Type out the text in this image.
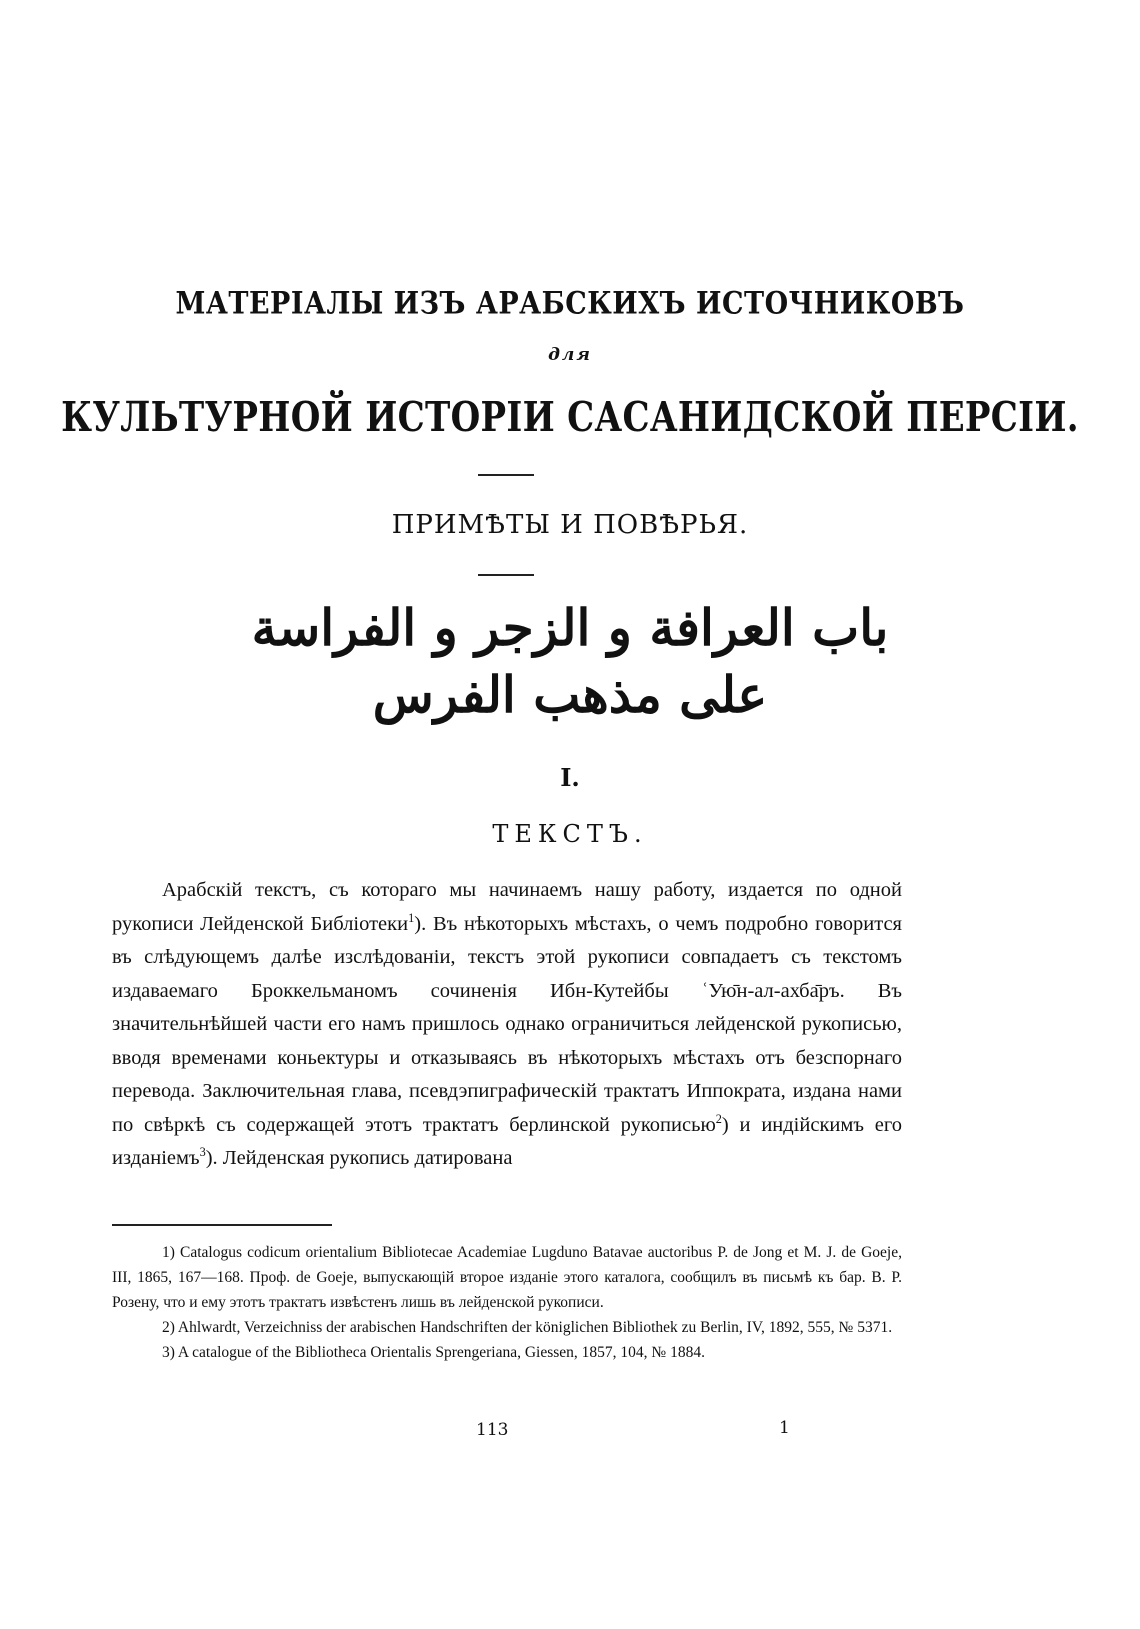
МАТЕРІАЛЫ ИЗЪ АРАБСКИХЪ ИСТОЧНИКОВЪ
для
КУЛЬТУРНОЙ ИСТОРІИ САСАНИДСКОЙ ПЕРСІИ.
ПРИМѢТЫ И ПОВѢРЬЯ.
باب العرافة و الزجر و الفراسة
على مذهب الفرس
I.
ТЕКСТЪ.

Арабскій текстъ, съ котораго мы начинаемъ нашу работу, издается по одной рукописи Лейденской Библіотеки$^1$). Въ нѣкоторыхъ мѣстахъ, о чемъ подробно говорится въ слѣдующемъ далѣе изслѣдованіи, текстъ этой рукописи совпадаетъ съ текстомъ издаваемаго Броккельманомъ сочиненія Ибн-Кутейбы ʿУю̄н-ал-ахба̄ръ. Въ значительнѣйшей части его намъ пришлось однако ограничиться лейденской рукописью, вводя временами коньектуры и отказываясь въ нѣкоторыхъ мѣстахъ отъ безспорнаго перевода. Заключительная глава, псевдэпиграфическій трактатъ Иппократа, издана нами по свѣркѣ съ содержащей этотъ трактатъ берлинской рукописью$^2$) и индійскимъ его изданіемъ$^3$). Лейденская рукопись датирована

1) Catalogus codicum orientalium Bibliotecae Academiae Lugduno Batavae auctoribus P. de Jong et M. J. de Goeje, III, 1865, 167—168. Проф. de Goeje, выпускающій второе изданіе этого каталога, сообщилъ въ письмѣ къ бар. В. Р. Розену, что и ему этотъ трактатъ извѣстенъ лишь въ лейденской рукописи.

2) Ahlwardt, Verzeichniss der arabischen Handschriften der königlichen Bibliothek zu Berlin, IV, 1892, 555, № 5371.

3) A catalogue of the Bibliotheca Orientalis Sprengeriana, Giessen, 1857, 104, № 1884.

113	1
